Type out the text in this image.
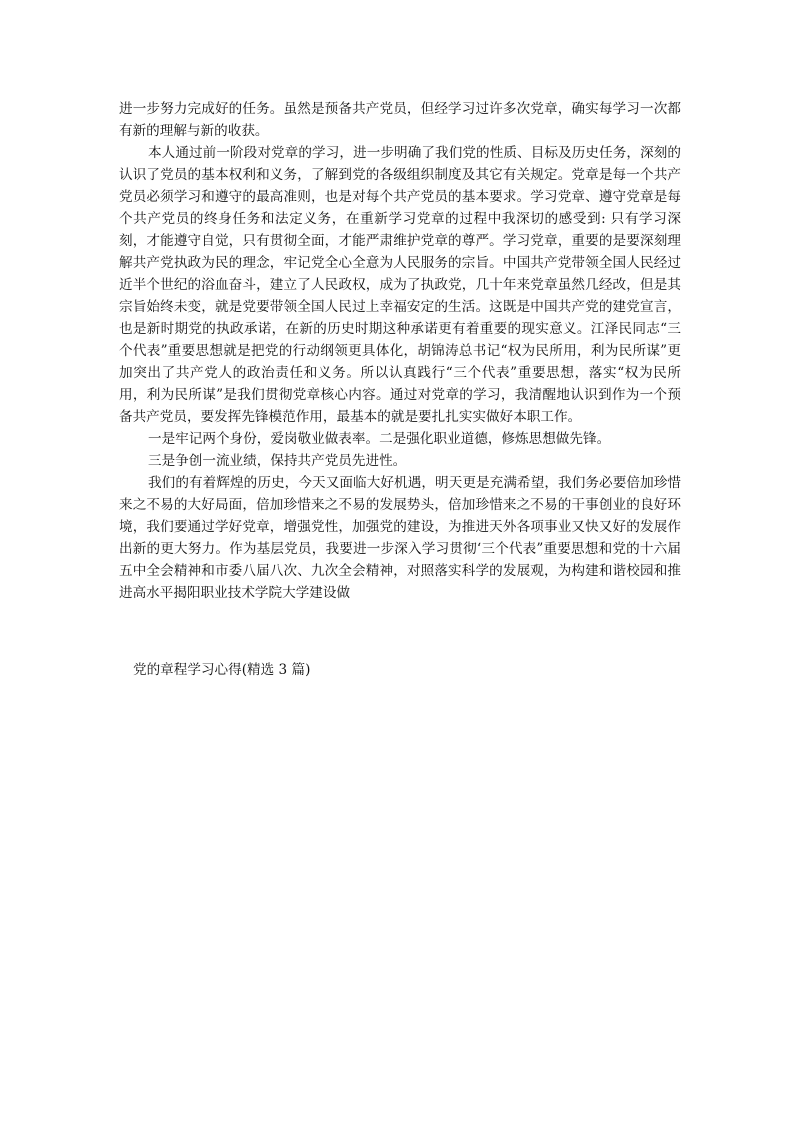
进一步努力完成好的任务。虽然是预备共产党员，但经学习过许多次党章，确实每学习一次都有新的理解与新的收获。

本人通过前一阶段对党章的学习，进一步明确了我们党的性质、目标及历史任务，深刻的认识了党员的基本权利和义务，了解到党的各级组织制度及其它有关规定。党章是每一个共产党员必须学习和遵守的最高准则，也是对每个共产党员的基本要求。学习党章、遵守党章是每个共产党员的终身任务和法定义务，在重新学习党章的过程中我深切的感受到: 只有学习深刻，才能遵守自觉，只有贯彻全面，才能严肃维护党章的尊严。学习党章，重要的是要深刻理解共产党执政为民的理念，牢记党全心全意为人民服务的宗旨。中国共产党带领全国人民经过近半个世纪的浴血奋斗，建立了人民政权，成为了执政党，几十年来党章虽然几经改，但是其宗旨始终未变，就是党要带领全国人民过上幸福安定的生活。这既是中国共产党的建党宣言，也是新时期党的执政承诺，在新的历史时期这种承诺更有着重要的现实意义。江泽民同志“三个代表”重要思想就是把党的行动纲领更具体化，胡锦涛总书记“权为民所用，利为民所谋”更加突出了共产党人的政治责任和义务。所以认真践行“三个代表”重要思想，落实“权为民所用，利为民所谋”是我们贯彻党章核心内容。通过对党章的学习，我清醒地认识到作为一个预备共产党员，要发挥先锋模范作用，最基本的就是要扎扎实实做好本职工作。

一是牢记两个身份，爱岗敬业做表率。二是强化职业道德，修炼思想做先锋。

三是争创一流业绩，保持共产党员先进性。

我们的有着辉煌的历史，今天又面临大好机遇，明天更是充满希望，我们务必要倍加珍惜来之不易的大好局面，倍加珍惜来之不易的发展势头，倍加珍惜来之不易的干事创业的良好环境，我们要通过学好党章，增强党性，加强党的建设，为推进天外各项事业又快又好的发展作出新的更大努力。作为基层党员，我要进一步深入学习贯彻‘三个代表”重要思想和党的十六届五中全会精神和市委八届八次、九次全会精神，对照落实科学的发展观，为构建和谐校园和推进高水平揭阳职业技术学院大学建设做

党的章程学习心得(精选 3 篇)
